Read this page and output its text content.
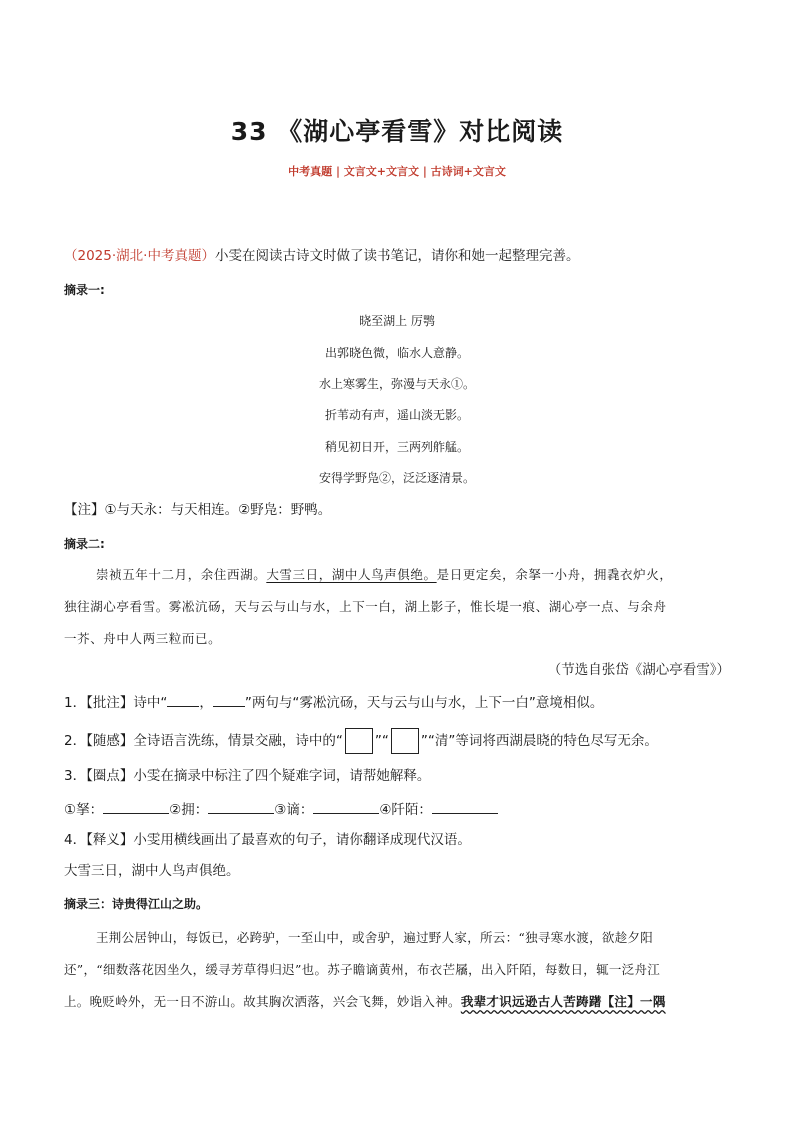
33 《湖心亭看雪》对比阅读
中考真题 | 文言文+文言文 | 古诗词+文言文
（2025·湖北·中考真题）小雯在阅读古诗文时做了读书笔记，请你和她一起整理完善。
摘录一:
晓至湖上 厉鹗
出郭晓色微，临水人意静。
水上寒雾生，弥漫与天永①。
折苇动有声，遥山淡无影。
稍见初日开，三两列舴艋。
安得学野凫②，泛泛逐清景。
【注】①与天永：与天相连。②野凫：野鸭。
摘录二:
崇祯五年十二月，余住西湖。大雪三日，湖中人鸟声俱绝。是日更定矣，余拏一小舟，拥毳衣炉火，
独往湖心亭看雪。雾凇沆砀，天与云与山与水，上下一白，湖上影子，惟长堤一痕、湖心亭一点、与余舟
一芥、舟中人两三粒而已。
（节选自张岱《湖心亭看雪》）
1．【批注】诗中“ ， ”两句与“雾凇沆砀，天与云与山与水，上下一白”意境相似。
2．【随感】全诗语言洗练，情景交融，诗中的“ ”“ ”“清”等词将西湖晨晓的特色尽写无余。
3．【圈点】小雯在摘录中标注了四个疑难字词，请帮她解释。
①拏：	②拥：	③谪：	④阡陌：
4．【释义】小雯用横线画出了最喜欢的句子，请你翻译成现代汉语。
大雪三日，湖中人鸟声俱绝。
摘录三：诗贵得江山之助。
王荆公居钟山，每饭已，必跨驴，一至山中，或舍驴，遍过野人家，所云：“独寻寒水渡，欲趁夕阳
还”，“细数落花因坐久，缓寻芳草得归迟”也。苏子瞻谪黄州，布衣芒屩，出入阡陌，每数日，辄一泛舟江
上。晚贬岭外，无一日不游山。故其胸次洒落，兴会飞舞，妙诣入神。我辈才识远逊古人苦踌躇【注】一隅
